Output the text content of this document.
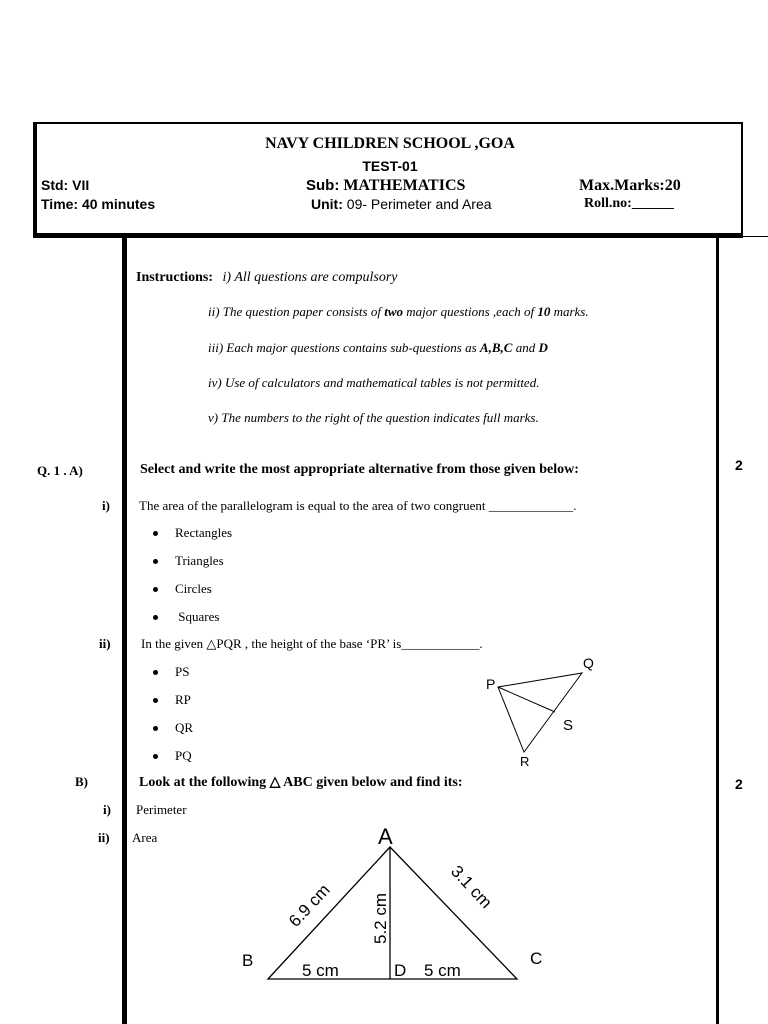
NAVY CHILDREN SCHOOL ,GOA
TEST-01
Std: VII	Sub: MATHEMATICS	Max.Marks:20
Time: 40 minutes	Unit: 09- Perimeter and Area	Roll.no:______
Instructions: i) All questions are compulsory
ii) The question paper consists of two major questions ,each of 10 marks.
iii) Each major questions contains sub-questions as A,B,C and D
iv) Use of calculators and mathematical tables is not permitted.
v) The numbers to the right of the question indicates full marks.
Q. 1 . A)	Select and write the most appropriate alternative from those given below:	2
i) The area of the parallelogram is equal to the area of two congruent _____________.
Rectangles
Triangles
Circles
Squares
ii) In the given △PQR , the height of the base ‘PR’ is____________.
PS
RP
QR
PQ
P
Q
S
R
B)	Look at the following △ ABC given below and find its:	2
i) Perimeter
ii) Area	A
B	C
D
6.9 cm	3.1 cm
5.2 cm
5 cm	5 cm
